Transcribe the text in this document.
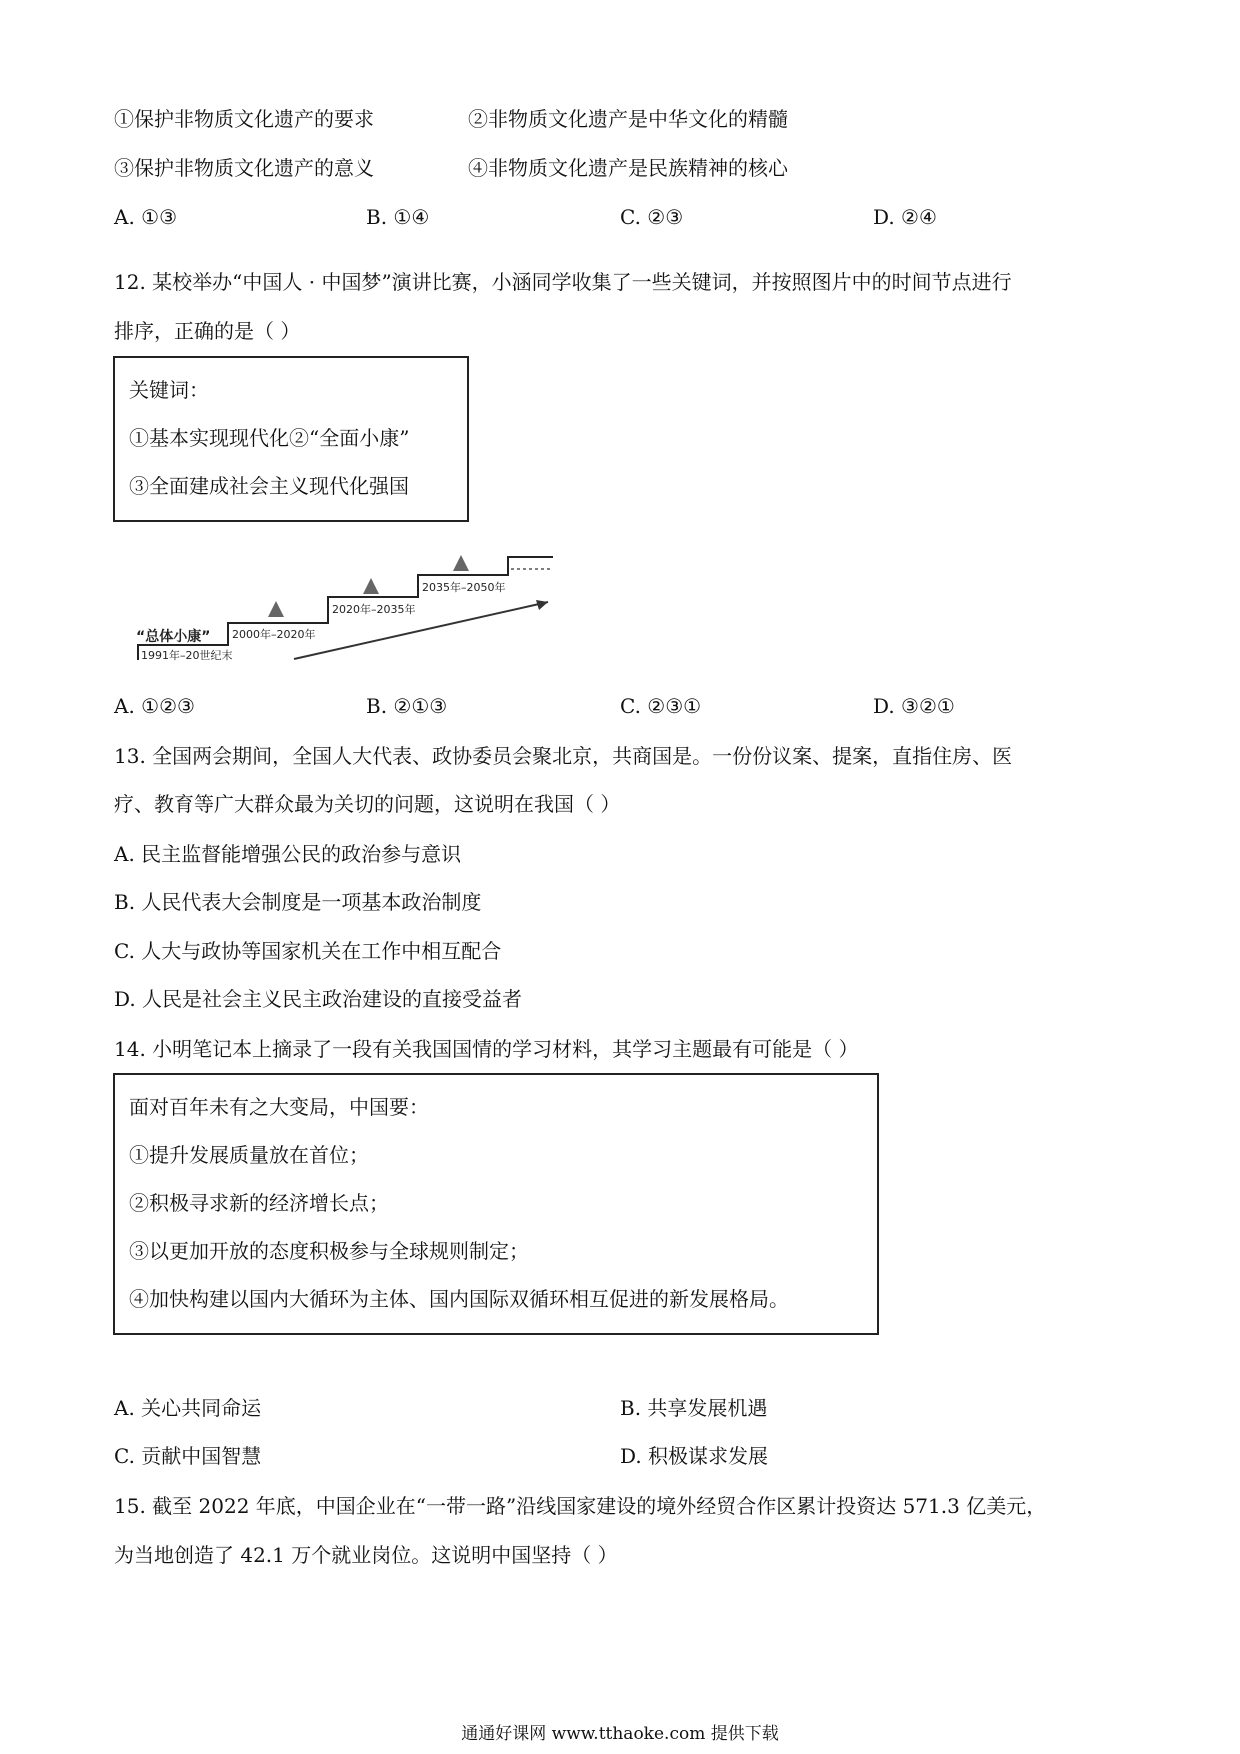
①保护非物质文化遗产的要求	②非物质文化遗产是中华文化的精髓
③保护非物质文化遗产的意义	④非物质文化遗产是民族精神的核心
A. ①③	B. ①④	C. ②③	D. ②④
12. 某校举办“中国人 · 中国梦”演讲比赛，小涵同学收集了一些关键词，并按照图片中的时间节点进行
排序，正确的是（ ）
关键词：
①基本实现现代化②“全面小康”
③全面建成社会主义现代化强国
“总体小康”
1991年–20世纪末
2000年–2020年
2020年–2035年
2035年–2050年
A. ①②③	B. ②①③	C. ②③①	D. ③②①
13. 全国两会期间，全国人大代表、政协委员会聚北京，共商国是。一份份议案、提案，直指住房、医
疗、教育等广大群众最为关切的问题，这说明在我国（ ）
A. 民主监督能增强公民的政治参与意识
B. 人民代表大会制度是一项基本政治制度
C. 人大与政协等国家机关在工作中相互配合
D. 人民是社会主义民主政治建设的直接受益者
14. 小明笔记本上摘录了一段有关我国国情的学习材料，其学习主题最有可能是（ ）
面对百年未有之大变局，中国要：
①提升发展质量放在首位；
②积极寻求新的经济增长点；
③以更加开放的态度积极参与全球规则制定；
④加快构建以国内大循环为主体、国内国际双循环相互促进的新发展格局。
A. 关心共同命运	B. 共享发展机遇
C. 贡献中国智慧	D. 积极谋求发展
15. 截至 2022 年底，中国企业在“一带一路”沿线国家建设的境外经贸合作区累计投资达 571.3 亿美元，
为当地创造了 42.1 万个就业岗位。这说明中国坚持（ ）
通通好课网 www.tthaoke.com 提供下载
